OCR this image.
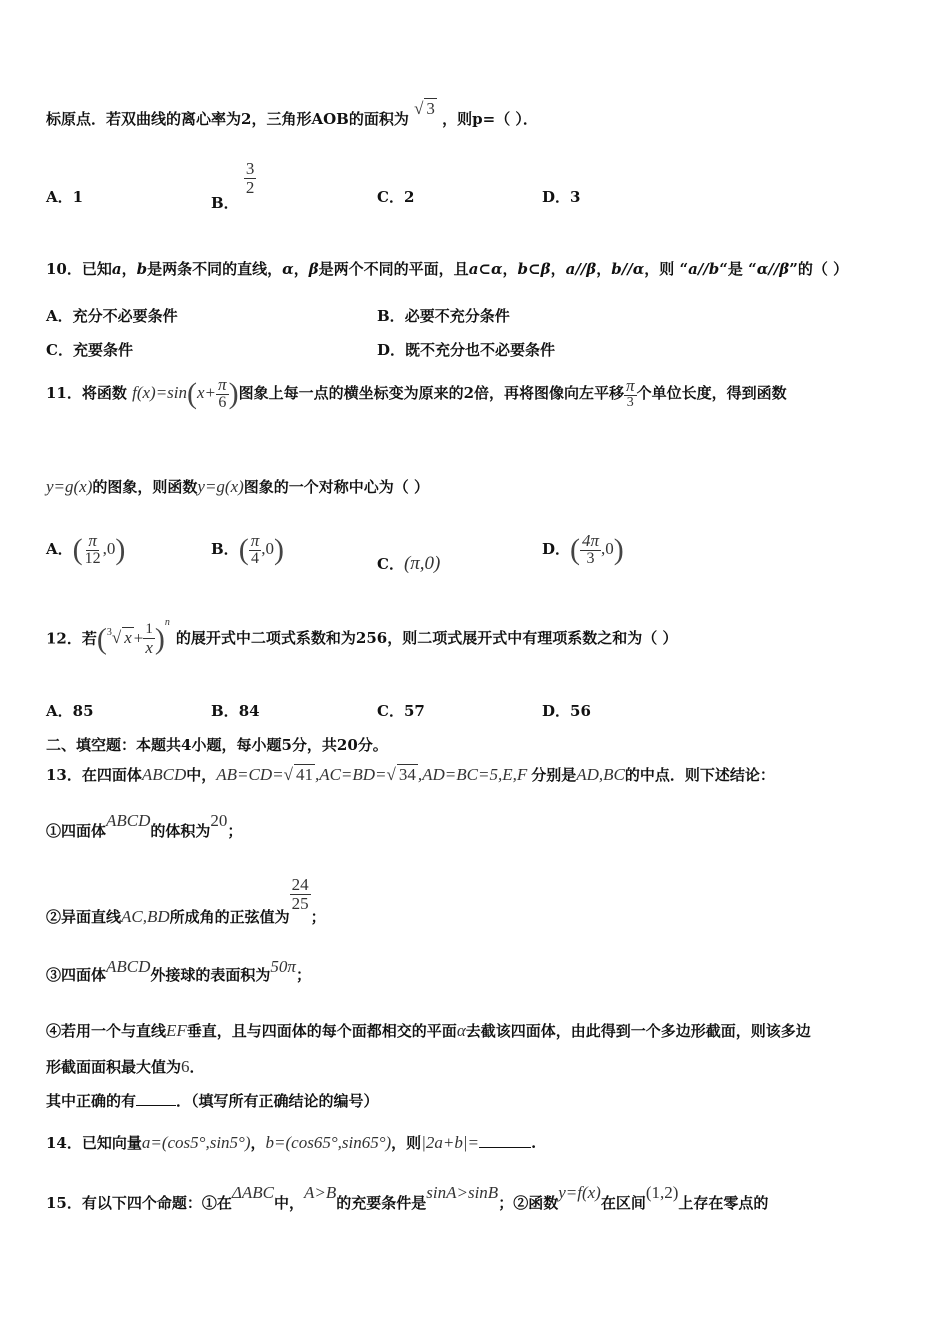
标原点．若双曲线的离心率为2，三角形AOB的面积为 √ 3 ，则p=（ ）．
A．1	B．
$\frac{3}{2}$
C．2	D．3
10．已知a，b是两条不同的直线，α，β是两个不同的平面，且a⊂α，b⊂β，a//β，b//α，则 “a//b“是 “α//β”的（ ）
A．充分不必要条件	B．必要不充分条件
C．充要条件	D．既不充分也不必要条件
11．将函数 $f(x)=\sin(x+ \frac{\pi}{6}$ )图象上每一点的横坐标变为原来的2倍，再将图像向左平移 $\frac{\pi}{3}$ 个单位长度，得到函数
y=g(x)的图象，则函数y=g(x)图象的一个对称中心为（ ）
A．( $\frac{\pi}{12} ,0$)	B．( $\frac{\pi}{4} ,0$)	C．(π,0)
D．( $\frac{4\pi}{3} ,0$)
12．若($^3$√ $x + \frac{1}{x} )^n$的展开式中二项式系数和为256，则二项式展开式中有理项系数之和为（ ）
A．85	B．84	C．57	D．56
二、填空题：本题共4小题，每小题5分，共20分。
13．在四面体ABCD中，AB=CD=√ 41 ,AC=BD=√ 34 ,AD=BC=5,E,F 分别是AD,BC的中点．则下述结论：
①四面体ABCD的体积为20；
②异面直线AC,BD所成角的正弦值为
$\frac{24}{25}$
；
③四面体ABCD外接球的表面积为50π；
④若用一个与直线EF垂直，且与四面体的每个面都相交的平面α去截该四面体，由此得到一个多边形截面，则该多边
形截面面积最大值为6．
其中正确的有	．（填写所有正确结论的编号）
14．已知向量a=(cos5°,sin5°)，b=(cos65°,sin65°)，则|2a+b|=	.
15．有以下四个命题：①在ΔABC中，A>B的充要条件是sinA>sinB；②函数y=f(x)在区间(1,2)上存在零点的
